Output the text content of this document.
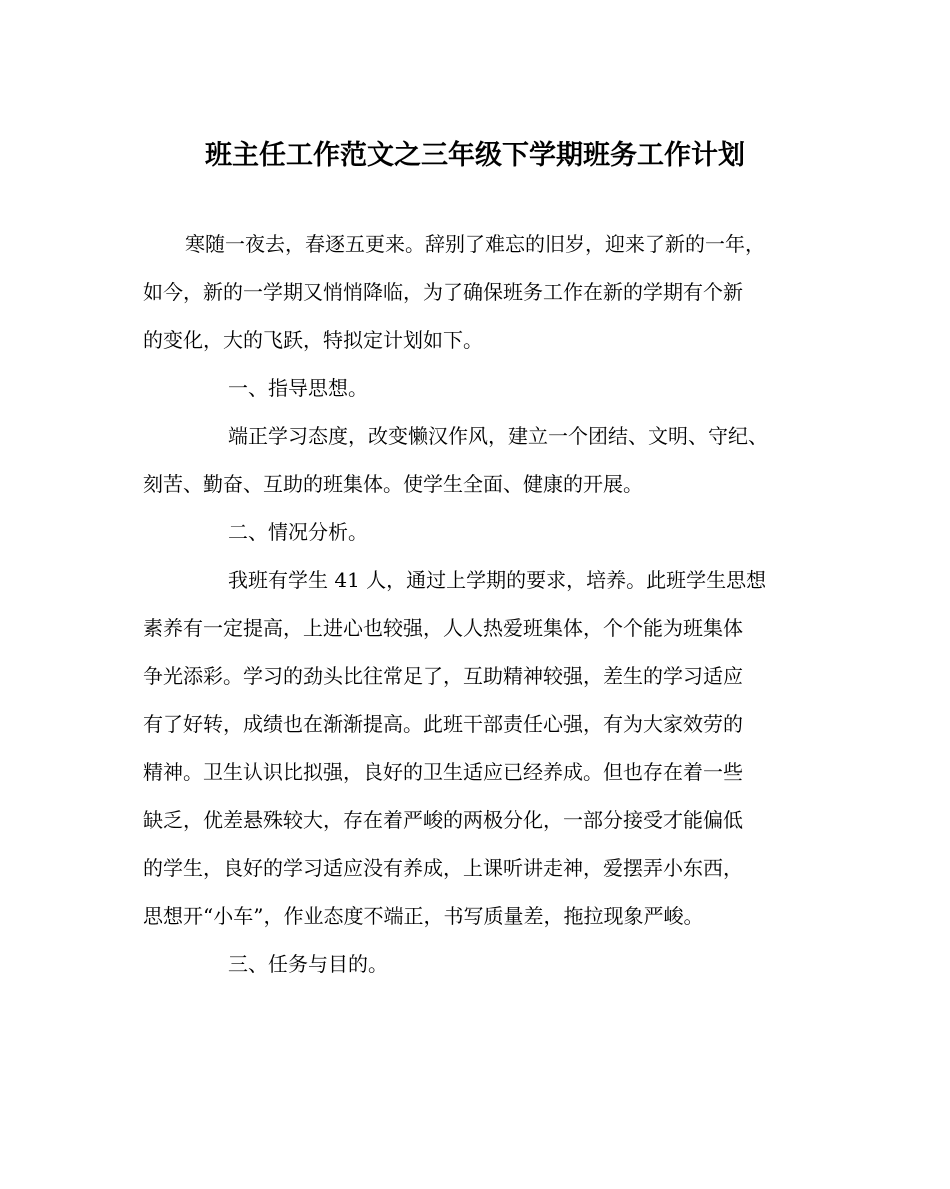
班主任工作范文之三年级下学期班务工作计划
寒随一夜去，春逐五更来。辞别了难忘的旧岁，迎来了新的一年，
如今，新的一学期又悄悄降临，为了确保班务工作在新的学期有个新
的变化，大的飞跃，特拟定计划如下。
一、指导思想。
端正学习态度，改变懒汉作风，建立一个团结、文明、守纪、
刻苦、勤奋、互助的班集体。使学生全面、健康的开展。
二、情况分析。
我班有学生 41 人，通过上学期的要求，培养。此班学生思想
素养有一定提高，上进心也较强，人人热爱班集体，个个能为班集体
争光添彩。学习的劲头比往常足了，互助精神较强，差生的学习适应
有了好转，成绩也在渐渐提高。此班干部责任心强，有为大家效劳的
精神。卫生认识比拟强，良好的卫生适应已经养成。但也存在着一些
缺乏，优差悬殊较大，存在着严峻的两极分化，一部分接受才能偏低
的学生，良好的学习适应没有养成，上课听讲走神，爱摆弄小东西，
思想开“小车”，作业态度不端正，书写质量差，拖拉现象严峻。
三、任务与目的。
